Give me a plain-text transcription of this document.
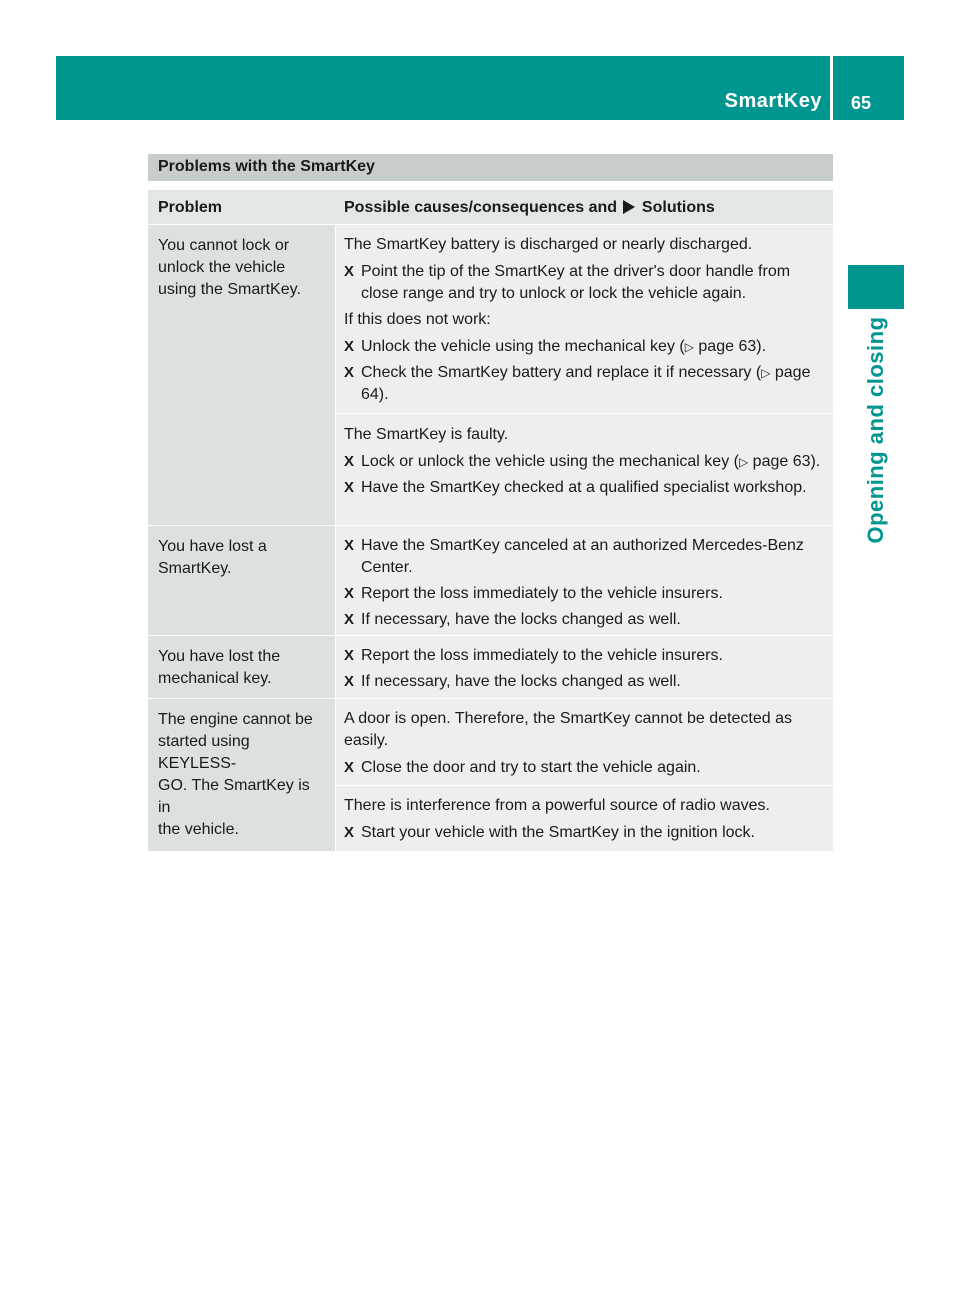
SmartKey 65
Opening and closing
Problems with the SmartKey
Problem	Possible causes/consequences and Solutions
You cannot lock or
unlock the vehicle
using the SmartKey.

The SmartKey battery is discharged or nearly discharged.

X Point the tip of the SmartKey at the driver's door handle from close range and try to unlock or lock the vehicle again.

If this does not work:

X Unlock the vehicle using the mechanical key (▷ page 63).
X Check the SmartKey battery and replace it if necessary (▷ page 64).

The SmartKey is faulty.

X Lock or unlock the vehicle using the mechanical key (▷ page 63).
X Have the SmartKey checked at a qualified specialist workshop.
You have lost a
SmartKey.
X Have the SmartKey canceled at an authorized Mercedes-Benz Center.
X Report the loss immediately to the vehicle insurers.
X If necessary, have the locks changed as well.
You have lost the
mechanical key.
X Report the loss immediately to the vehicle insurers.
X If necessary, have the locks changed as well.
The engine cannot be
started using KEYLESS-
GO. The SmartKey is in
the vehicle.

A door is open. Therefore, the SmartKey cannot be detected as easily.

X Close the door and try to start the vehicle again.

There is interference from a powerful source of radio waves.

X Start your vehicle with the SmartKey in the ignition lock.
